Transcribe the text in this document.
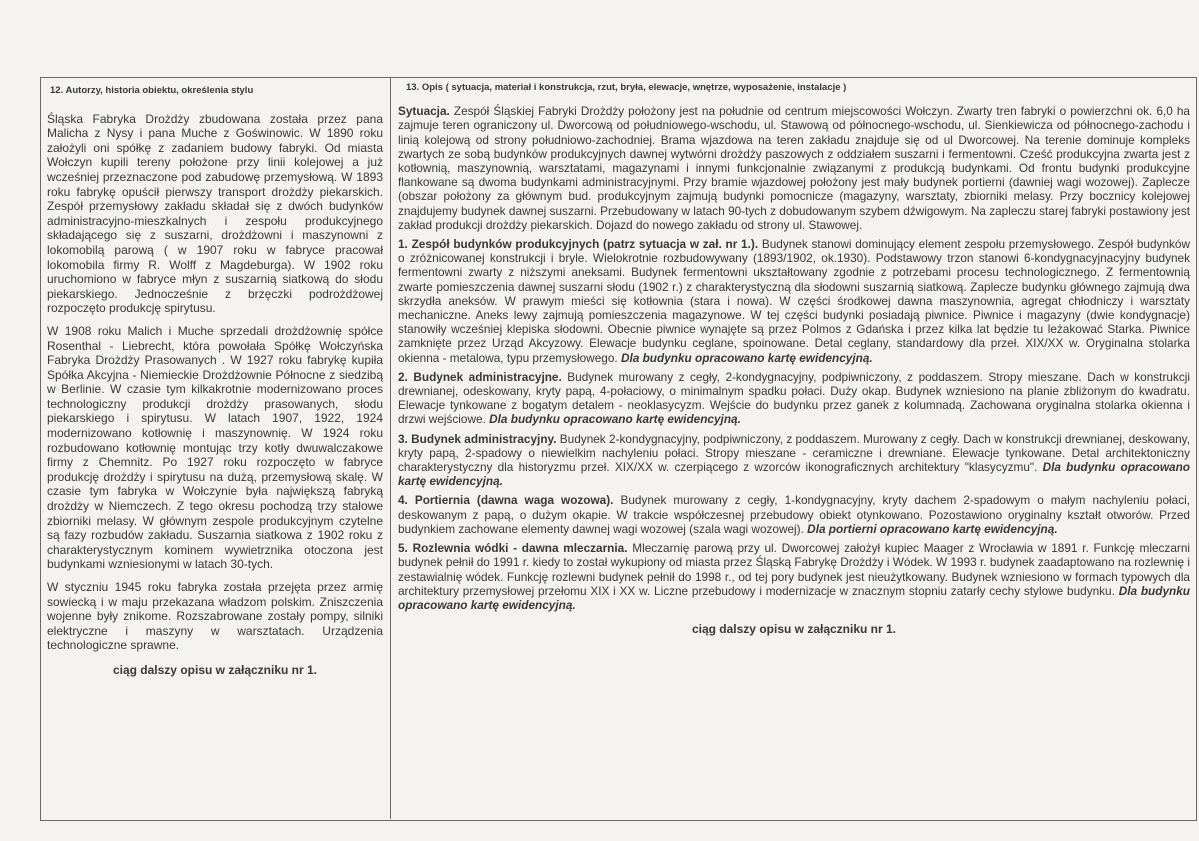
12. Autorzy, historia obiektu, określenia stylu

Śląska Fabryka Drożdży zbudowana została przez pana Malicha z Nysy i pana Muche z Goświnowic. W 1890 roku założyli oni spółkę z zadaniem budowy fabryki. Od miasta Wołczyn kupili tereny położone przy linii kolejowej a już wcześniej przeznaczone pod zabudowę przemysłową. W 1893 roku fabrykę opuścił pierwszy transport drożdży piekarskich. Zespół przemysłowy zakładu składał się z dwóch budynków administracyjno-mieszkalnych i zespołu produkcyjnego składającego się z suszarni, drożdżowni i maszynowni z lokomobilą parową ( w 1907 roku w fabryce pracował lokomobila firmy R. Wolff z Magdeburga). W 1902 roku uruchomiono w fabryce młyn z suszarnią siatkową do słodu piekarskiego. Jednocześnie z brzęczki podrożdżowej rozpoczęto produkcję spirytusu.

W 1908 roku Malich i Muche sprzedali drożdżownię spółce Rosenthal - Liebrecht, która powołała Spółkę Wołczyńska Fabryka Drożdży Prasowanych . W 1927 roku fabrykę kupiła Spółka Akcyjna - Niemieckie Drożdżownie Północne z siedzibą w Berlinie. W czasie tym kilkakrotnie modernizowano proces technologiczny produkcji drożdży prasowanych, słodu piekarskiego i spirytusu. W latach 1907, 1922, 1924 modernizowano kotłownię i maszynownię. W 1924 roku rozbudowano kotłownię montując trzy kotły dwuwalczakowe firmy z Chemnitz. Po 1927 roku rozpoczęto w fabryce produkcję drożdży i spirytusu na dużą, przemysłową skalę. W czasie tym fabryka w Wołczynie była największą fabryką drożdży w Niemczech. Z tego okresu pochodzą trzy stalowe zbiorniki melasy. W głównym zespole produkcyjnym czytelne są fazy rozbudów zakładu. Suszarnia siatkowa z 1902 roku z charakterystycznym kominem wywietrznika otoczona jest budynkami wzniesionymi w latach 30-tych.

W styczniu 1945 roku fabryka została przejęta przez armię sowiecką i w maju przekazana władzom polskim. Zniszczenia wojenne były znikome. Rozszabrowane zostały pompy, silniki elektryczne i maszyny w warsztatach. Urządzenia technologiczne sprawne.

ciąg dalszy opisu w załączniku nr 1.
13. Opis ( sytuacja, materiał i konstrukcja, rzut, bryła, elewacje, wnętrze, wyposażenie, instalacje )

Sytuacja. Zespół Śląskiej Fabryki Drożdży położony jest na południe od centrum miejscowości Wołczyn. Zwarty tren fabryki o powierzchni ok. 6,0 ha zajmuje teren ograniczony ul. Dworcową od południowego-wschodu, ul. Stawową od północnego-wschodu, ul. Sienkiewicza od północnego-zachodu i linią kolejową od strony południowo-zachodniej. Brama wjazdowa na teren zakładu znajduje się od ul Dworcowej. Na terenie dominuje kompleks zwartych ze sobą budynków produkcyjnych dawnej wytwórni drożdży paszowych z oddziałem suszarni i fermentowni. Cześć produkcyjna zwarta jest z kotłownią, maszynownią, warsztatami, magazynami i innymi funkcjonalnie związanymi z produkcją budynkami. Od frontu budynki produkcyjne flankowane są dwoma budynkami administracyjnymi. Przy bramie wjazdowej położony jest mały budynek portierni (dawniej wagi wozowej). Zaplecze (obszar położony za głównym bud. produkcyjnym zajmują budynki pomocnicze (magazyny, warsztaty, zbiorniki melasy. Przy bocznicy kolejowej znajdujemy budynek dawnej suszarni. Przebudowany w latach 90-tych z dobudowanym szybem dźwigowym. Na zapleczu starej fabryki postawiony jest zakład produkcji drożdży piekarskich. Dojazd do nowego zakładu od strony ul. Stawowej.

1. Zespół budynków produkcyjnych (patrz sytuacja w zał. nr 1.). Budynek stanowi dominujący element zespołu przemysłowego. Zespół budynków o zróżnicowanej konstrukcji i bryle. Wielokrotnie rozbudowywany (1893/1902, ok.1930). Podstawowy trzon stanowi 6-kondygnacyjnacyjny budynek fermentowni zwarty z niższymi aneksami. Budynek fermentowni ukształtowany zgodnie z potrzebami procesu technologicznego. Z fermentownią zwarte pomieszczenia dawnej suszarni słodu (1902 r.) z charakterystyczną dla słodowni suszarnią siatkową. Zaplecze budynku głównego zajmują dwa skrzydła aneksów. W prawym mieści się kotłownia (stara i nowa). W części środkowej dawna maszynownia, agregat chłodniczy i warsztaty mechaniczne. Aneks lewy zajmują pomieszczenia magazynowe. W tej części budynki posiadają piwnice. Piwnice i magazyny (dwie kondygnacje) stanowiły wcześniej klepiska słodowni. Obecnie piwnice wynajęte są przez Polmos z Gdańska i przez kilka lat będzie tu leżakować Starka. Piwnice zamknięte przez Urząd Akcyzowy. Elewacje budynku ceglane, spoinowane. Detal ceglany, standardowy dla przeł. XIX/XX w. Oryginalna stolarka okienna - metalowa, typu przemysłowego. Dla budynku opracowano kartę ewidencyjną.

2. Budynek administracyjne. Budynek murowany z cegły, 2-kondygnacyjny, podpiwniczony, z poddaszem. Stropy mieszane. Dach w konstrukcji drewnianej, odeskowany, kryty papą, 4-połaciowy, o minimalnym spadku połaci. Duży okap. Budynek wzniesiono na planie zbliżonym do kwadratu. Elewacje tynkowane z bogatym detalem - neoklasycyzm. Wejście do budynku przez ganek z kolumnadą. Zachowana oryginalna stolarka okienna i drzwi wejściowe. Dla budynku opracowano kartę ewidencyjną.

3. Budynek administracyjny. Budynek 2-kondygnacyjny, podpiwniczony, z poddaszem. Murowany z cegły. Dach w konstrukcji drewnianej, deskowany, kryty papą, 2-spadowy o niewielkim nachyleniu połaci. Stropy mieszane - ceramiczne i drewniane. Elewacje tynkowane. Detal architektoniczny charakterystyczny dla historyzmu przeł. XIX/XX w. czerpiącego z wzorców ikonograficznych architektury "klasycyzmu". Dla budynku opracowano kartę ewidencyjną.

4. Portiernia (dawna waga wozowa). Budynek murowany z cegły, 1-kondygnacyjny, kryty dachem 2-spadowym o małym nachyleniu połaci, deskowanym z papą, o dużym okapie. W trakcie współczesnej przebudowy obiekt otynkowano. Pozostawiono oryginalny kształt otworów. Przed budynkiem zachowane elementy dawnej wagi wozowej (szala wagi wozowej). Dla portierni opracowano kartę ewidencyjną.

5. Rozlewnia wódki - dawna mleczarnia. Mleczarnię parową przy ul. Dworcowej założył kupiec Maager z Wrocławia w 1891 r. Funkcję mleczarni budynek pełnił do 1991 r. kiedy to został wykupiony od miasta przez Śląską Fabrykę Drożdży i Wódek. W 1993 r. budynek zaadaptowano na rozlewnię i zestawialnię wódek. Funkcję rozlewni budynek pełnił do 1998 r., od tej pory budynek jest nieużytkowany. Budynek wzniesiono w formach typowych dla architektury przemysłowej przełomu XIX i XX w. Liczne przebudowy i modernizacje w znacznym stopniu zatarły cechy stylowe budynku. Dla budynku opracowano kartę ewidencyjną.

ciąg dalszy opisu w załączniku nr 1.
